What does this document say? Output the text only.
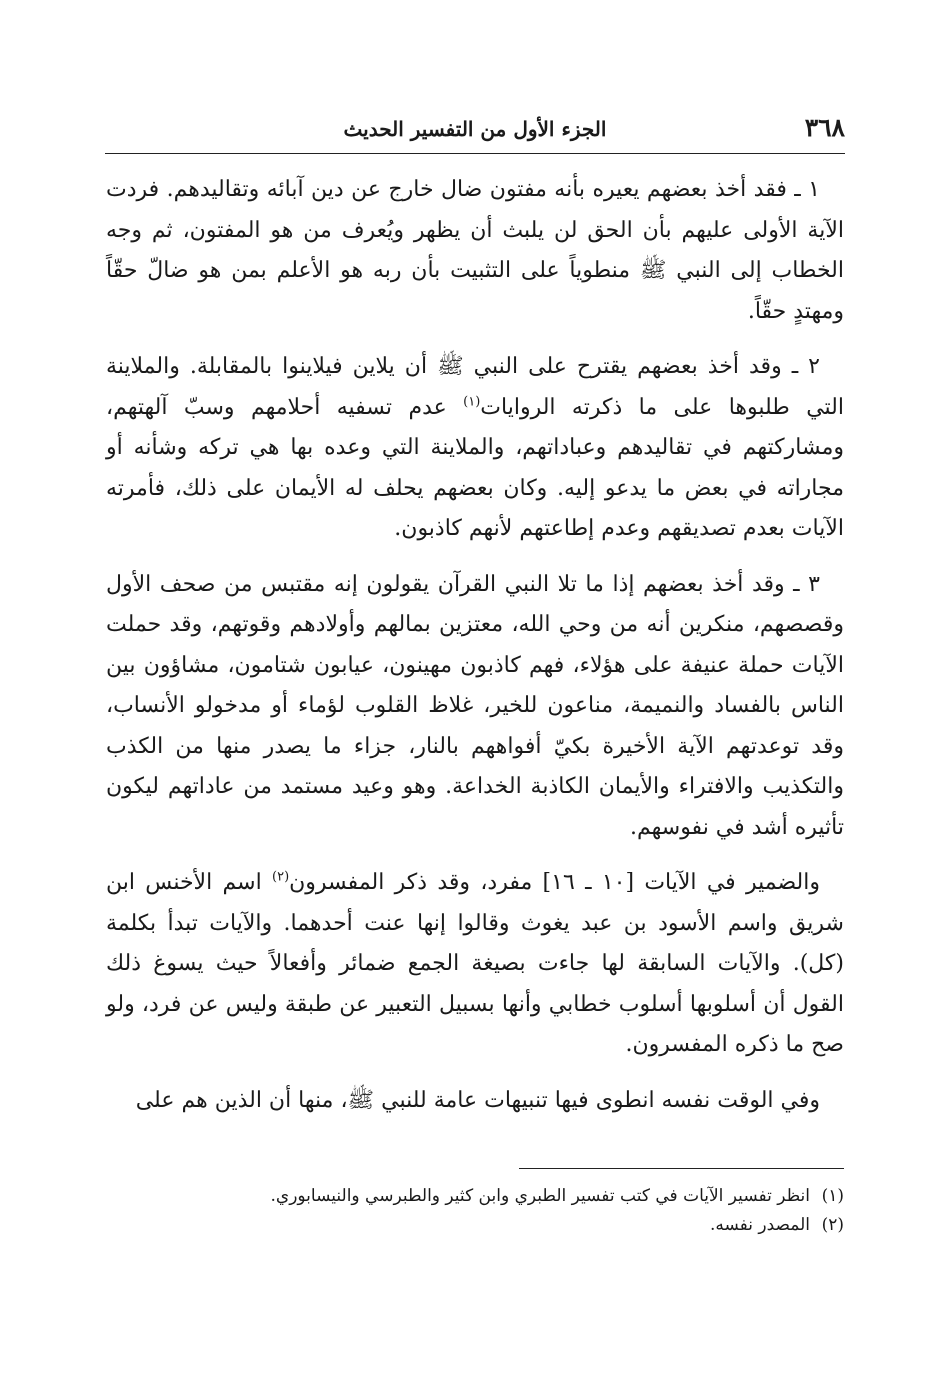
٣٦٨
الجزء الأول من التفسير الحديث

١ ـ فقد أخذ بعضهم يعيره بأنه مفتون ضال خارج عن دين آبائه وتقاليدهم. فردت الآية الأولى عليهم بأن الحق لن يلبث أن يظهر ويُعرف من هو المفتون، ثم وجه الخطاب إلى النبي ﷺ منطوياً على التثبيت بأن ربه هو الأعلم بمن هو ضالّ حقّاً ومهتدٍ حقّاً.

٢ ـ وقد أخذ بعضهم يقترح على النبي ﷺ أن يلاين فيلاينوا بالمقابلة. والملاينة التي طلبوها على ما ذكرته الروايات$^{(١)}$ عدم تسفيه أحلامهم وسبّ آلهتهم، ومشاركتهم في تقاليدهم وعباداتهم، والملاينة التي وعده بها هي تركه وشأنه أو مجاراته في بعض ما يدعو إليه. وكان بعضهم يحلف له الأيمان على ذلك، فأمرته الآيات بعدم تصديقهم وعدم إطاعتهم لأنهم كاذبون.

٣ ـ وقد أخذ بعضهم إذا ما تلا النبي القرآن يقولون إنه مقتبس من صحف الأول وقصصهم، منكرين أنه من وحي الله، معتزين بمالهم وأولادهم وقوتهم، وقد حملت الآيات حملة عنيفة على هؤلاء، فهم كاذبون مهينون، عيابون شتامون، مشاؤون بين الناس بالفساد والنميمة، مناعون للخير، غلاظ القلوب لؤماء أو مدخولو الأنساب، وقد توعدتهم الآية الأخيرة بكيّ أفواههم بالنار، جزاء ما يصدر منها من الكذب والتكذيب والافتراء والأيمان الكاذبة الخداعة. وهو وعيد مستمد من عاداتهم ليكون تأثيره أشد في نفوسهم.

والضمير في الآيات [١٠ ـ ١٦] مفرد، وقد ذكر المفسرون$^{(٢)}$ اسم الأخنس ابن شريق واسم الأسود بن عبد يغوث وقالوا إنها عنت أحدهما. والآيات تبدأ بكلمة (كل). والآيات السابقة لها جاءت بصيغة الجمع ضمائر وأفعالاً حيث يسوغ ذلك القول أن أسلوبها أسلوب خطابي وأنها بسبيل التعبير عن طبقة وليس عن فرد، ولو صح ما ذكره المفسرون.

وفي الوقت نفسه انطوى فيها تنبيهات عامة للنبي ﷺ، منها أن الذين هم على

(١)انظر تفسير الآيات في كتب تفسير الطبري وابن كثير والطبرسي والنيسابوري.

(٢)المصدر نفسه.
